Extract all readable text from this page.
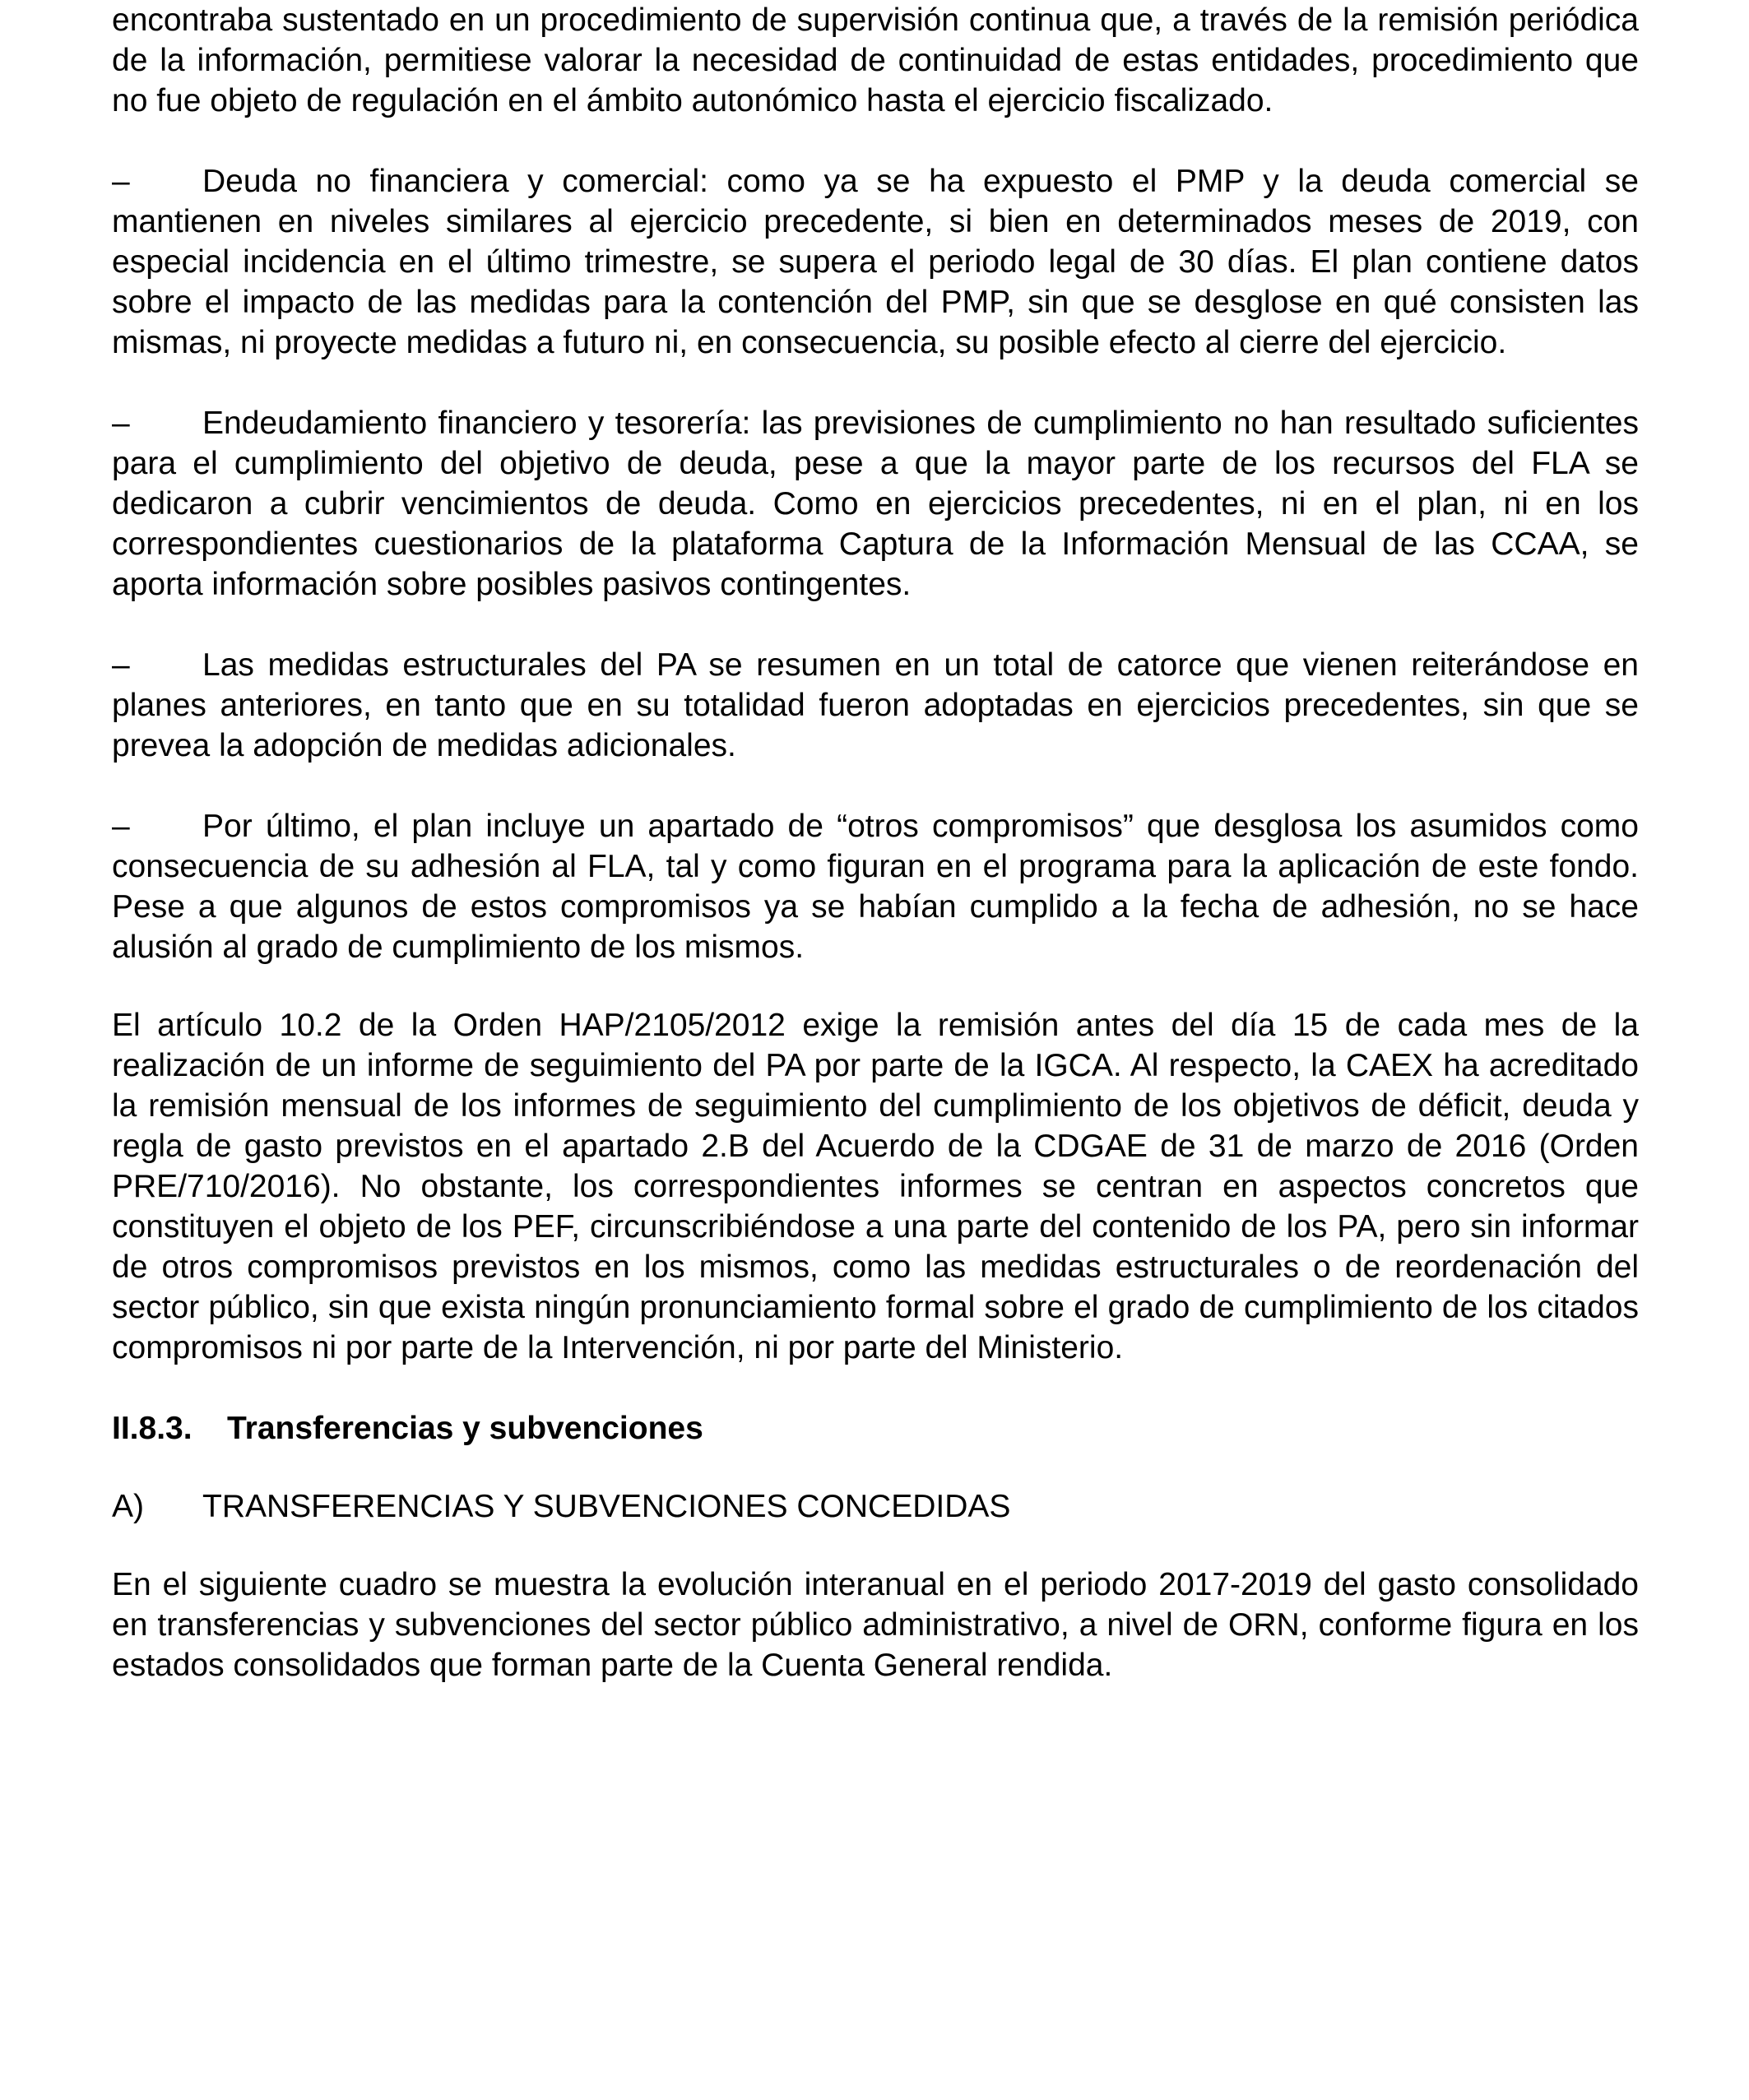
encontraba sustentado en un procedimiento de supervisión continua que, a través de la remisión periódica de la información, permitiese valorar la necesidad de continuidad de estas entidades, procedimiento que no fue objeto de regulación en el ámbito autonómico hasta el ejercicio fiscalizado.

– Deuda no financiera y comercial: como ya se ha expuesto el PMP y la deuda comercial se mantienen en niveles similares al ejercicio precedente, si bien en determinados meses de 2019, con especial incidencia en el último trimestre, se supera el periodo legal de 30 días. El plan contiene datos sobre el impacto de las medidas para la contención del PMP, sin que se desglose en qué consisten las mismas, ni proyecte medidas a futuro ni, en consecuencia, su posible efecto al cierre del ejercicio.
– Endeudamiento financiero y tesorería: las previsiones de cumplimiento no han resultado suficientes para el cumplimiento del objetivo de deuda, pese a que la mayor parte de los recursos del FLA se dedicaron a cubrir vencimientos de deuda. Como en ejercicios precedentes, ni en el plan, ni en los correspondientes cuestionarios de la plataforma Captura de la Información Mensual de las CCAA, se aporta información sobre posibles pasivos contingentes.
– Las medidas estructurales del PA se resumen en un total de catorce que vienen reiterándose en planes anteriores, en tanto que en su totalidad fueron adoptadas en ejercicios precedentes, sin que se prevea la adopción de medidas adicionales.
– Por último, el plan incluye un apartado de “otros compromisos” que desglosa los asumidos como consecuencia de su adhesión al FLA, tal y como figuran en el programa para la aplicación de este fondo. Pese a que algunos de estos compromisos ya se habían cumplido a la fecha de adhesión, no se hace alusión al grado de cumplimiento de los mismos.

El artículo 10.2 de la Orden HAP/2105/2012 exige la remisión antes del día 15 de cada mes de la realización de un informe de seguimiento del PA por parte de la IGCA. Al respecto, la CAEX ha acreditado la remisión mensual de los informes de seguimiento del cumplimiento de los objetivos de déficit, deuda y regla de gasto previstos en el apartado 2.B del Acuerdo de la CDGAE de 31 de marzo de 2016 (Orden PRE/710/2016). No obstante, los correspondientes informes se centran en aspectos concretos que constituyen el objeto de los PEF, circunscribiéndose a una parte del contenido de los PA, pero sin informar de otros compromisos previstos en los mismos, como las medidas estructurales o de reordenación del sector público, sin que exista ningún pronunciamiento formal sobre el grado de cumplimiento de los citados compromisos ni por parte de la Intervención, ni por parte del Ministerio.

II.8.3. Transferencias y subvenciones
A) TRANSFERENCIAS Y SUBVENCIONES CONCEDIDAS

En el siguiente cuadro se muestra la evolución interanual en el periodo 2017-2019 del gasto consolidado en transferencias y subvenciones del sector público administrativo, a nivel de ORN, conforme figura en los estados consolidados que forman parte de la Cuenta General rendida.
